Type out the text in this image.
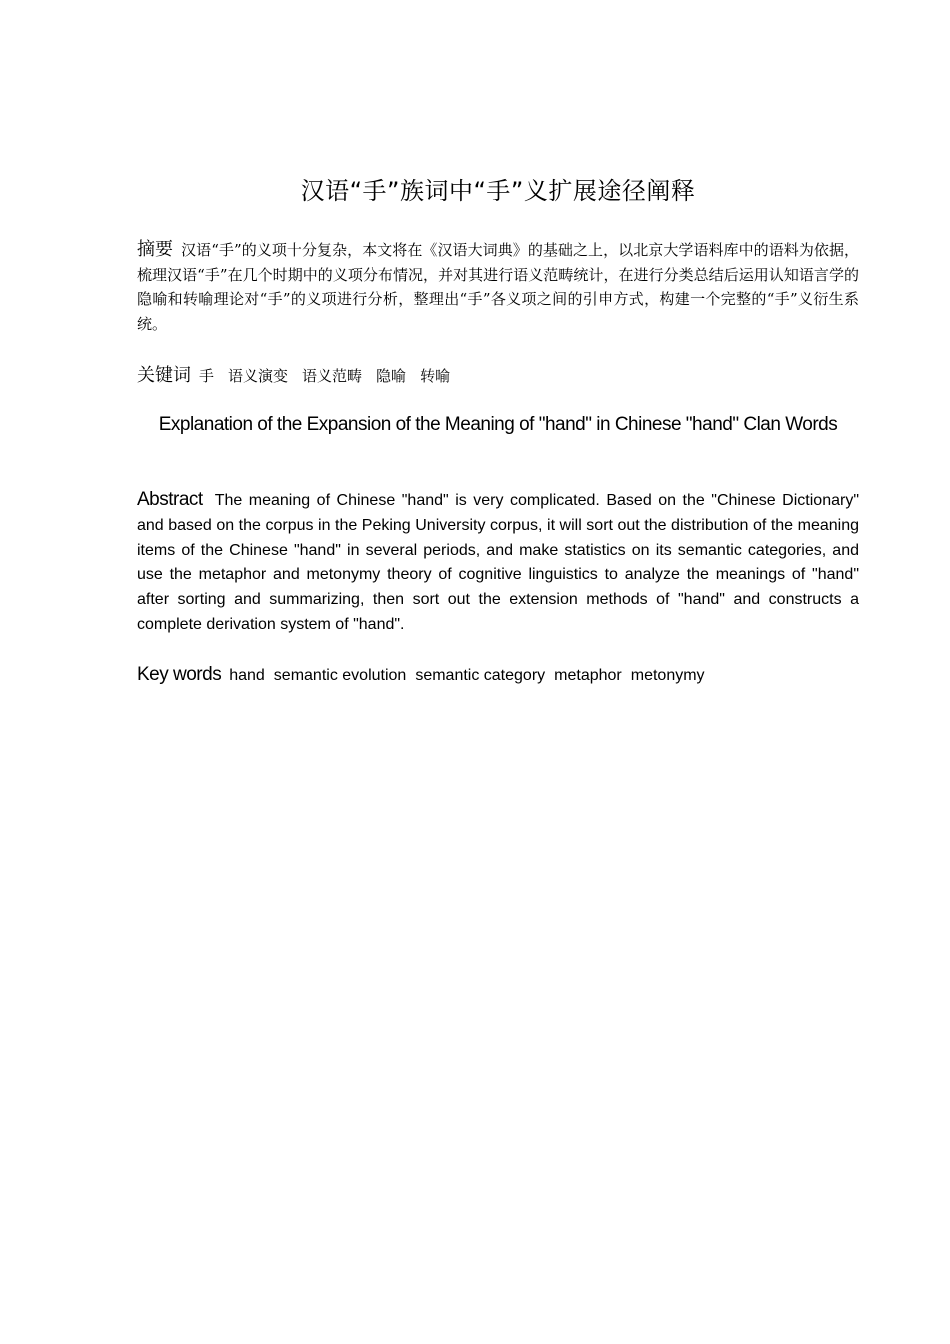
汉语“手”族词中“手”义扩展途径阐释

摘要 汉语“手”的义项十分复杂，本文将在《汉语大词典》的基础之上，以北京大学语料库中的语料为依据，梳理汉语“手”在几个时期中的义项分布情况，并对其进行语义范畴统计，在进行分类总结后运用认知语言学的隐喻和转喻理论对“手”的义项进行分析，整理出“手”各义项之间的引申方式，构建一个完整的“手”义衍生系统。

关键词 手 语义演变 语义范畴 隐喻 转喻

Explanation of the Expansion of the Meaning of "hand" in Chinese "hand" Clan Words

Abstract The meaning of Chinese "hand" is very complicated. Based on the "Chinese Dictionary" and based on the corpus in the Peking University corpus, it will sort out the distribution of the meaning items of the Chinese "hand" in several periods, and make statistics on its semantic categories, and use the metaphor and metonymy theory of cognitive linguistics to analyze the meanings of "hand" after sorting and summarizing, then sort out the extension methods of "hand" and constructs a complete derivation system of "hand".

Key words hand semantic evolution semantic category metaphor metonymy
